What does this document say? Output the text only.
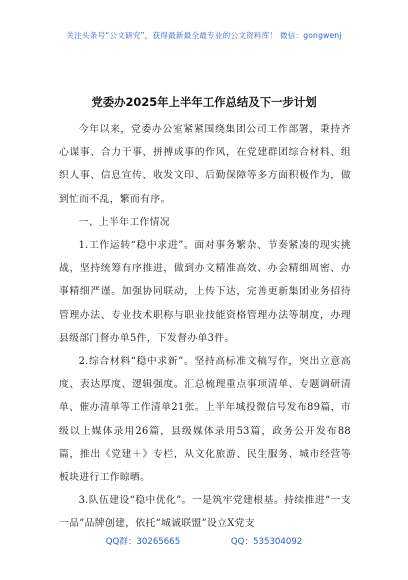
关注头条号“公文研究”，获得最新最全最专业的公文资料库！ 微信：gongwenj
党委办2025年上半年工作总结及下一步计划

今年以来，党委办公室紧紧围绕集团公司工作部署，秉持齐心谋事、合力干事、拼搏成事的作风，在党建群团综合材料、组织人事、信息宣传、收发文印、后勤保障等多方面积极作为，做到忙而不乱，繁而有序。

一、上半年工作情况

1.工作运转“稳中求进”。面对事务繁杂、节奏紧凑的现实挑战，坚持统筹有序推进，做到办文精准高效、办会精细周密、办事精细严谨。加强协同联动，上传下达，完善更新集团业务招待管理办法、专业技术职称与职业技能资格管理办法等制度，办理县级部门督办单5件，下发督办单3件。

2.综合材料“稳中求新”。坚持高标准文稿写作，突出立意高度、表达厚度、逻辑强度。汇总梳理重点事项清单、专题调研清单、催办清单等工作清单21张。上半年城投微信号发布89篇，市级以上媒体录用26篇，县级媒体录用53篇，政务公开发布88篇，推出《党建＋》专栏，从文化旅游、民生服务、城市经营等板块进行工作晾晒。

3.队伍建设“稳中优化”。一是筑牢党建根基。持续推进“一支一品”品牌创建，依托“城诚联盟”设立X党支

QQ群：30265665	QQ：535304092
